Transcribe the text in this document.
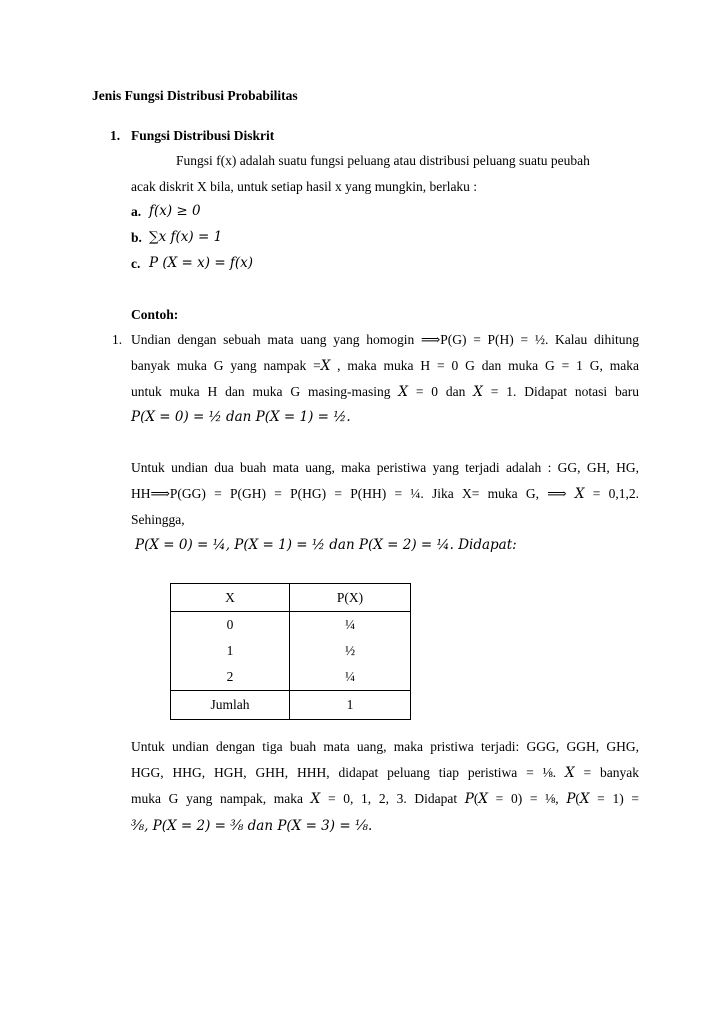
Jenis Fungsi Distribusi Probabilitas
1. Fungsi Distribusi Diskrit
Fungsi f(x) adalah suatu fungsi peluang atau distribusi peluang suatu peubah
acak diskrit X bila, untuk setiap hasil x yang mungkin, berlaku :
a. 𝑓(𝑥) ≥ 0
b. ∑𝑥 𝑓(𝑥) = 1
c. 𝑃 (𝑋 = 𝑥) = 𝑓(𝑥)
Contoh:
1. Undian dengan sebuah mata uang yang homogin ⟹P(G) = P(H) = ½. Kalau dihitung
banyak muka G yang nampak =𝑋 , maka muka H = 0 G dan muka G = 1 G, maka
untuk muka H dan muka G masing-masing 𝑋 = 0 dan 𝑋 = 1. Didapat notasi baru
𝑃(𝑋 = 0) = ½ 𝑑𝑎𝑛 𝑃(𝑋 = 1) = ½.
Untuk undian dua buah mata uang, maka peristiwa yang terjadi adalah : GG, GH, HG,
HH⟹P(GG) = P(GH) = P(HG) = P(HH) = ¼. Jika X= muka G, ⟹ 𝑋 = 0,1,2.
Sehingga,
𝑃(𝑋 = 0) = ¼, 𝑃(𝑋 = 1) = ½ 𝑑𝑎𝑛 𝑃(𝑋 = 2) = ¼. Didapat:
X	P(X)
0	¼
1	½
2	¼
Jumlah	1
Untuk undian dengan tiga buah mata uang, maka pristiwa terjadi: GGG, GGH, GHG,
HGG, HHG, HGH, GHH, HHH, didapat peluang tiap peristiwa = ⅛. 𝑋 = banyak
muka G yang nampak, maka 𝑋 = 0, 1, 2, 3. Didapat 𝑃(𝑋 = 0) = ⅛, 𝑃(𝑋 = 1) =
⅜, 𝑃(𝑋 = 2) = ⅜ 𝑑𝑎𝑛 𝑃(𝑋 = 3) = ⅛.
